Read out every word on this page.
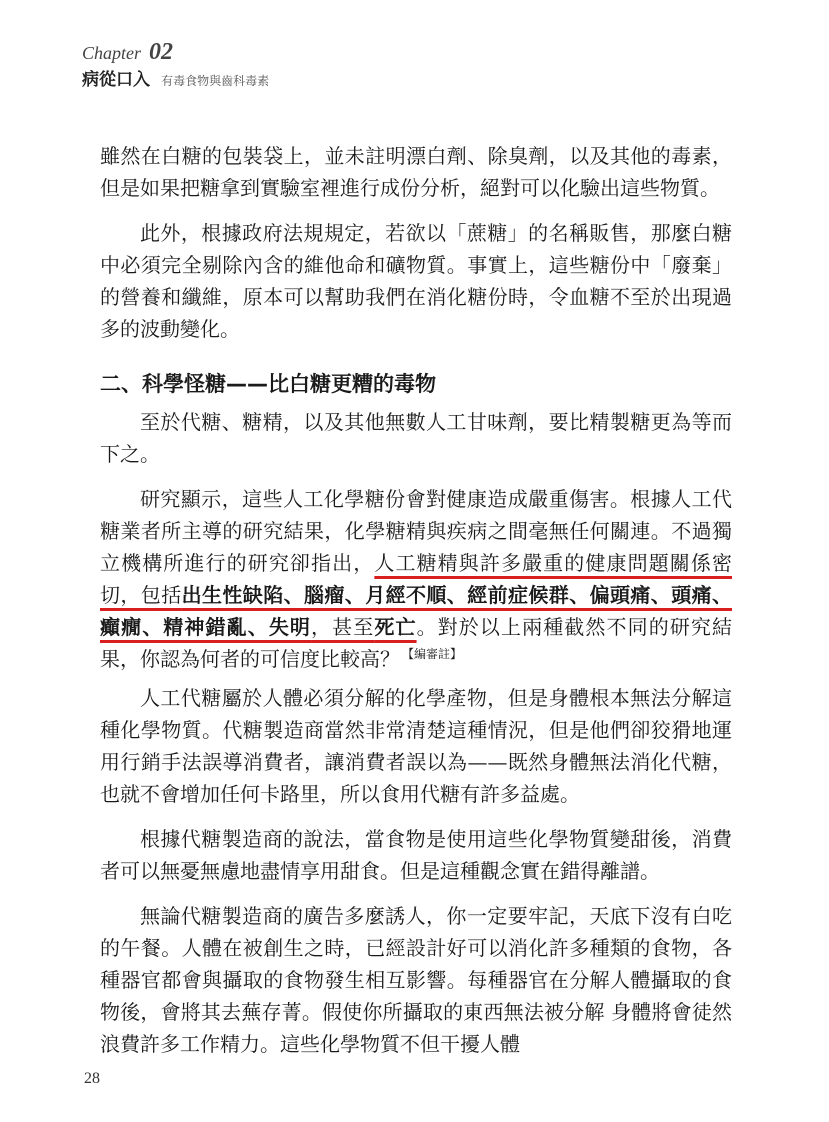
Chapter 02
病從口入 有毒食物與齒科毒素

雖然在白糖的包裝袋上，並未註明漂白劑、除臭劑，以及其他的毒素，但是如果把糖拿到實驗室裡進行成份分析，絕對可以化驗出這些物質。

此外，根據政府法規規定，若欲以「蔗糖」的名稱販售，那麼白糖中必須完全剔除內含的維他命和礦物質。事實上，這些糖份中「廢棄」的營養和纖維，原本可以幫助我們在消化糖份時，令血糖不至於出現過多的波動變化。

二、科學怪糖——比白糖更糟的毒物

至於代糖、糖精，以及其他無數人工甘味劑，要比精製糖更為等而下之。

研究顯示，這些人工化學糖份會對健康造成嚴重傷害。根據人工代糖業者所主導的研究結果，化學糖精與疾病之間毫無任何關連。不過獨立機構所進行的研究卻指出，人工糖精與許多嚴重的健康問題關係密切，包括出生性缺陷、腦瘤、月經不順、經前症候群、偏頭痛、頭痛、癲癇、精神錯亂、失明，甚至死亡。對於以上兩種截然不同的研究結果，你認為何者的可信度比較高？ $^{【編審註】}$

人工代糖屬於人體必須分解的化學產物，但是身體根本無法分解這種化學物質。代糖製造商當然非常清楚這種情況，但是他們卻狡猾地運用行銷手法誤導消費者，讓消費者誤以為——既然身體無法消化代糖，也就不會增加任何卡路里，所以食用代糖有許多益處。

根據代糖製造商的說法，當食物是使用這些化學物質變甜後，消費者可以無憂無慮地盡情享用甜食。但是這種觀念實在錯得離譜。

無論代糖製造商的廣告多麼誘人，你一定要牢記，天底下沒有白吃的午餐。人體在被創生之時，已經設計好可以消化許多種類的食物，各種器官都會與攝取的食物發生相互影響。每種器官在分解人體攝取的食物後，會將其去蕪存菁。假使你所攝取的東西無法被分解 身體將會徒然浪費許多工作精力。這些化學物質不但干擾人體

28
